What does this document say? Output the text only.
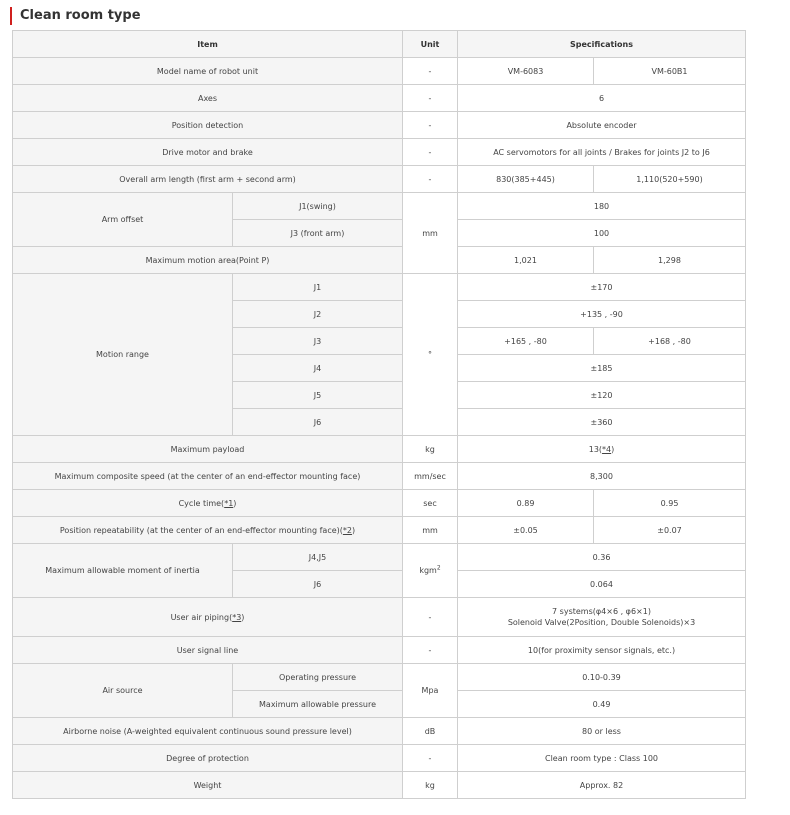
Clean room type
Item		Unit	Specifications	
Model name of robot unit		-	VM-6083	VM-60B1
Axes		-	6	
Position detection		-	Absolute encoder	
Drive motor and brake		-	AC servomotors for all joints / Brakes for joints J2 to J6	
Overall arm length (first arm + second arm)		-	830(385+445)	1,110(520+590)
Arm offset	J1(swing)	mm	180	
	J3 (front arm)		100	
Maximum motion area(Point P)			1,021	1,298
Motion range	J1	°	±170	
	J2		+135 , -90	
	J3		+165 , -80	+168 , -80
	J4		±185	
	J5		±120	
	J6		±360	
Maximum payload		kg	13(*4)	
Maximum composite speed (at the center of an end-effector mounting face)		mm/sec	8,300	
Cycle time(*1)		sec	0.89	0.95
Position repeatability (at the center of an end-effector mounting face)(*2)		mm	±0.05	±0.07
Maximum allowable moment of inertia	J4,J5	kgm$^2$	0.36	
	J6		0.064	
User air piping(*3)		-	7 systems(φ4×6 , φ6×1)
Solenoid Valve(2Position, Double Solenoids)×3	

User signal line		-	10(for proximity sensor signals, etc.)	
Air source	Operating pressure	Mpa	0.10-0.39	
	Maximum allowable pressure		0.49	
Airborne noise (A-weighted equivalent continuous sound pressure level)		dB	80 or less	
Degree of protection		-	Clean room type : Class 100	
Weight		kg	Approx. 82	
